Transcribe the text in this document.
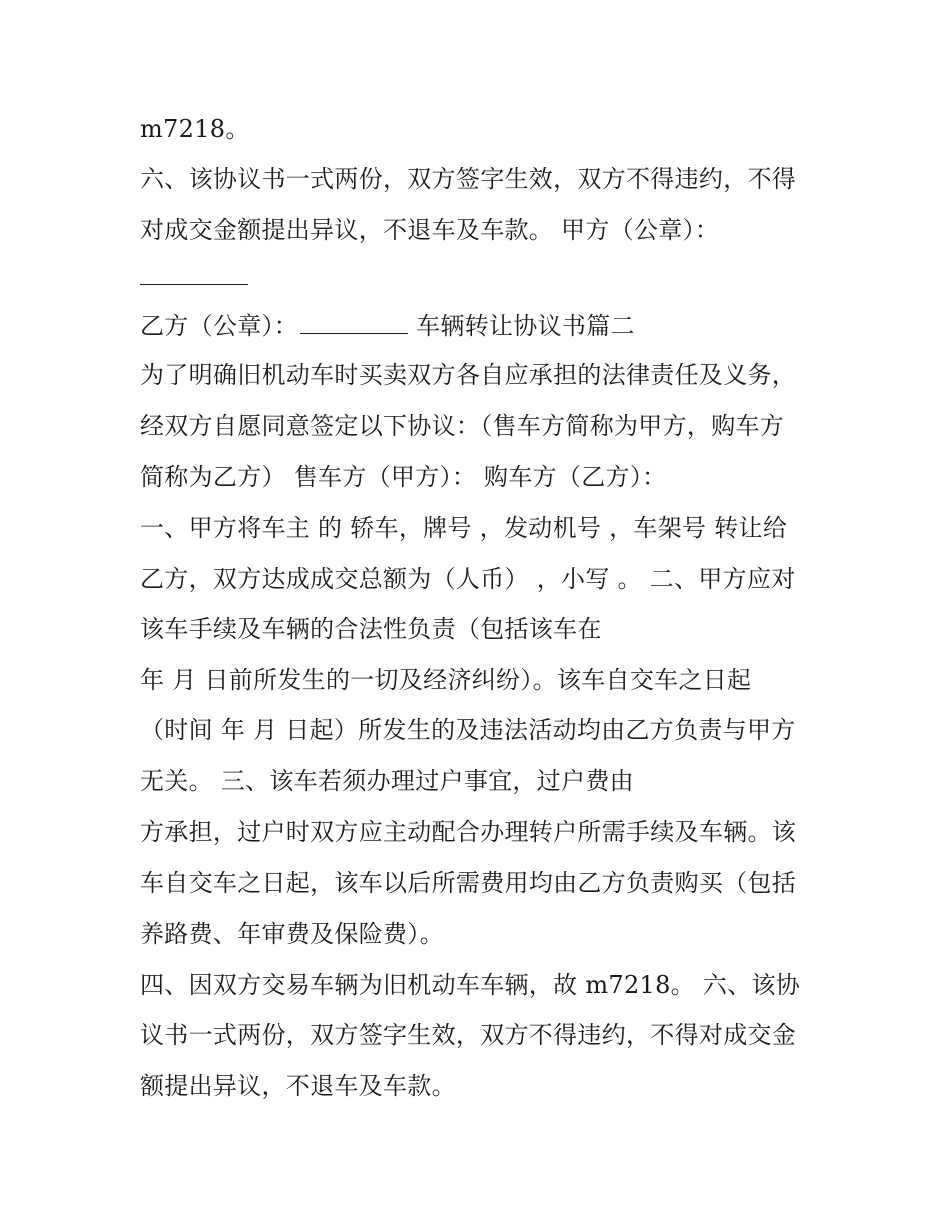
m7218。

六、该协议书一式两份，双方签字生效，双方不得违约，不得

对成交金额提出异议，不退车及车款。 甲方（公章）：

乙方（公章）：	车辆转让协议书篇二

为了明确旧机动车时买卖双方各自应承担的法律责任及义务，

经双方自愿同意签定以下协议：（售车方简称为甲方，购车方

简称为乙方） 售车方（甲方）： 购车方（乙方）：

一、甲方将车主 的 轿车，牌号 ，发动机号 ，车架号 转让给

乙方，双方达成成交总额为（人币） ，小写 。 二、甲方应对

该车手续及车辆的合法性负责（包括该车在

年 月 日前所发生的一切及经济纠纷）。该车自交车之日起

（时间 年 月 日起）所发生的及违法活动均由乙方负责与甲方

无关。 三、该车若须办理过户事宜，过户费由

方承担，过户时双方应主动配合办理转户所需手续及车辆。该

车自交车之日起，该车以后所需费用均由乙方负责购买（包括

养路费、年审费及保险费）。

四、因双方交易车辆为旧机动车车辆，故 m7218。 六、该协

议书一式两份，双方签字生效，双方不得违约，不得对成交金

额提出异议，不退车及车款。
